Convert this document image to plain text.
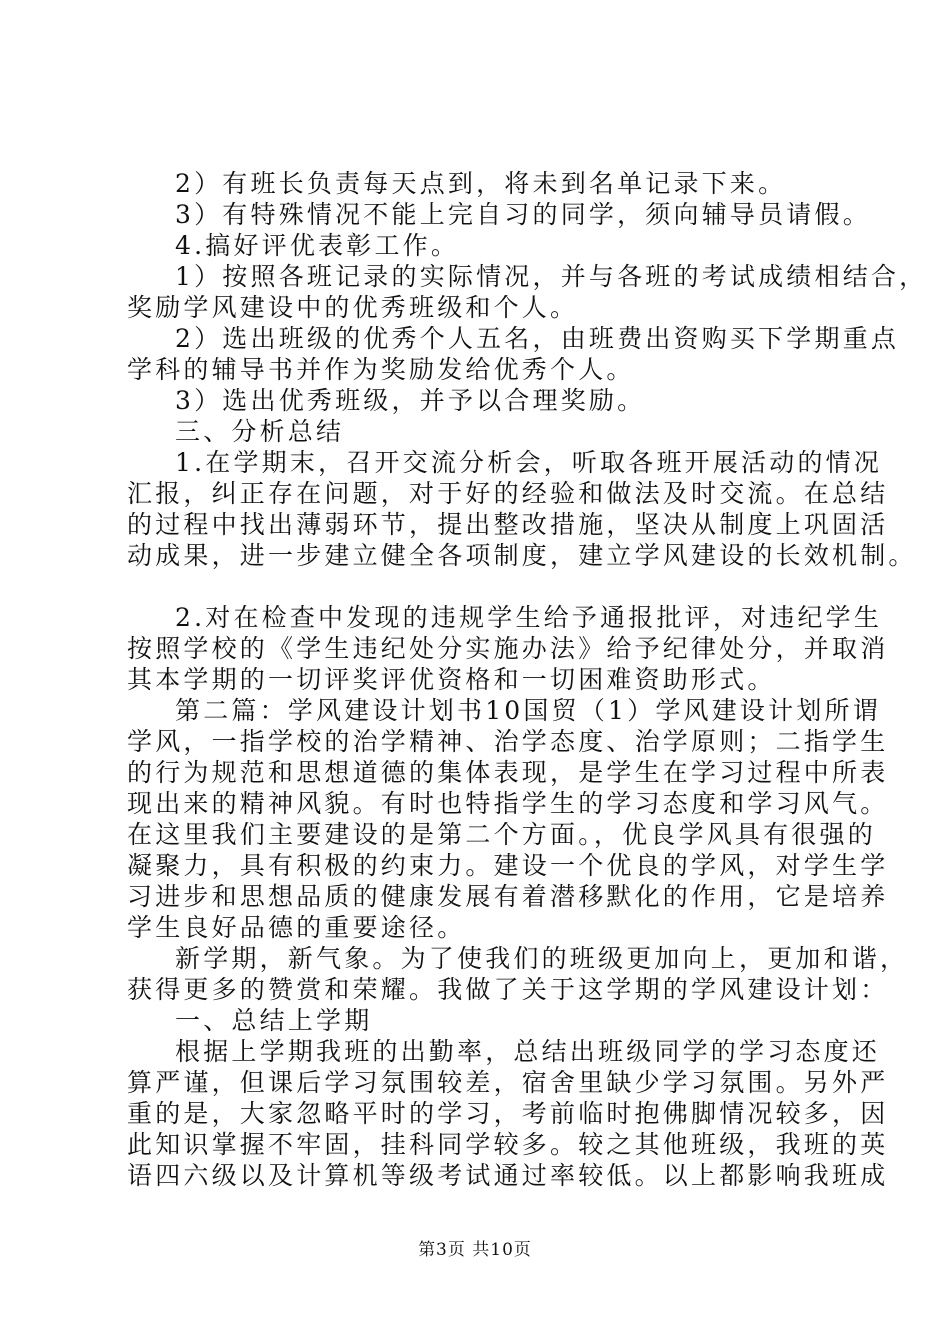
2）有班长负责每天点到，将未到名单记录下来。
3）有特殊情况不能上完自习的同学，须向辅导员请假。
4.搞好评优表彰工作。
1）按照各班记录的实际情况，并与各班的考试成绩相结合，
奖励学风建设中的优秀班级和个人。
2）选出班级的优秀个人五名，由班费出资购买下学期重点
学科的辅导书并作为奖励发给优秀个人。
3）选出优秀班级，并予以合理奖励。
三、分析总结
1.在学期末，召开交流分析会，听取各班开展活动的情况
汇报，纠正存在问题，对于好的经验和做法及时交流。在总结
的过程中找出薄弱环节，提出整改措施，坚决从制度上巩固活
动成果，进一步建立健全各项制度，建立学风建设的长效机制。
2.对在检查中发现的违规学生给予通报批评，对违纪学生
按照学校的《学生违纪处分实施办法》给予纪律处分，并取消
其本学期的一切评奖评优资格和一切困难资助形式。
第二篇：学风建设计划书10国贸（1）学风建设计划所谓
学风，一指学校的治学精神、治学态度、治学原则；二指学生
的行为规范和思想道德的集体表现，是学生在学习过程中所表
现出来的精神风貌。有时也特指学生的学习态度和学习风气。
在这里我们主要建设的是第二个方面。，优良学风具有很强的
凝聚力，具有积极的约束力。建设一个优良的学风，对学生学
习进步和思想品质的健康发展有着潜移默化的作用，它是培养
学生良好品德的重要途径。
新学期，新气象。为了使我们的班级更加向上，更加和谐，
获得更多的赞赏和荣耀。我做了关于这学期的学风建设计划：
一、总结上学期
根据上学期我班的出勤率，总结出班级同学的学习态度还
算严谨，但课后学习氛围较差，宿舍里缺少学习氛围。另外严
重的是，大家忽略平时的学习，考前临时抱佛脚情况较多，因
此知识掌握不牢固，挂科同学较多。较之其他班级，我班的英
语四六级以及计算机等级考试通过率较低。以上都影响我班成
第3页 共10页
